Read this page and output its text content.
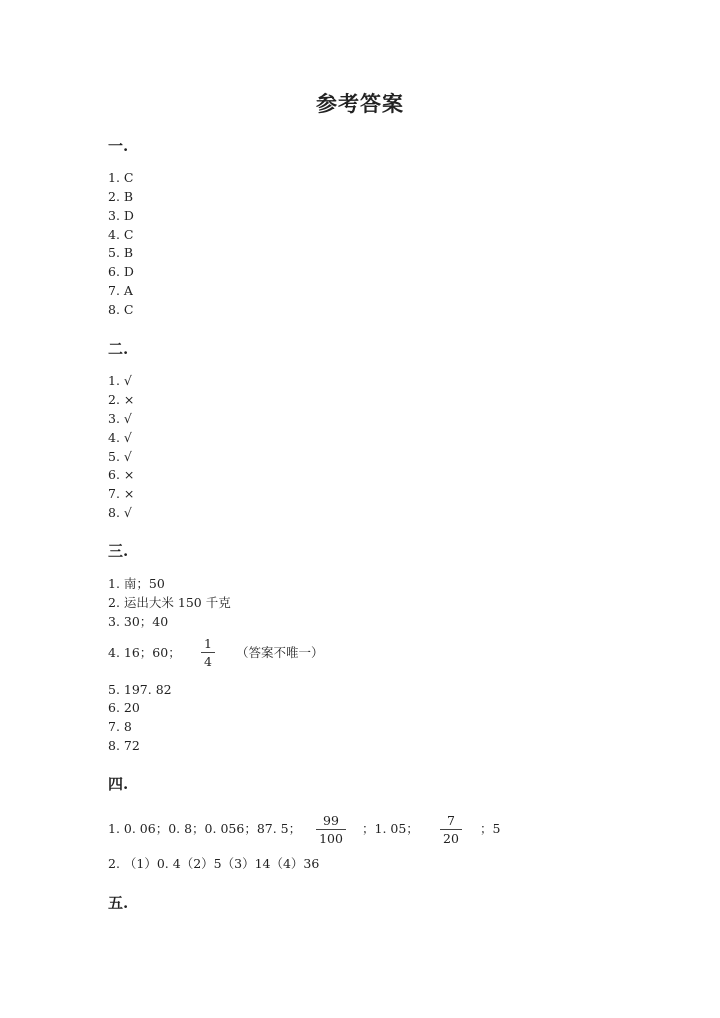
参考答案
一.
1. C
2. B
3. D
4. C
5. B
6. D
7. A
8. C
二.
1. √
2. ×
3. √
4. √
5. √
6. ×
7. ×
8. √
三.
1. 南；50
2. 运出大米 150 千克
3. 30；40
4. 16；60；
1
4
（答案不唯一）
5. 197. 82
6. 20
7. 8
8. 72
四.
1. 0. 06；0. 8；0. 056；87. 5；
99
100
；1. 05；
7
20
；5
2. （1）0. 4（2）5（3）14（4）36
五.
